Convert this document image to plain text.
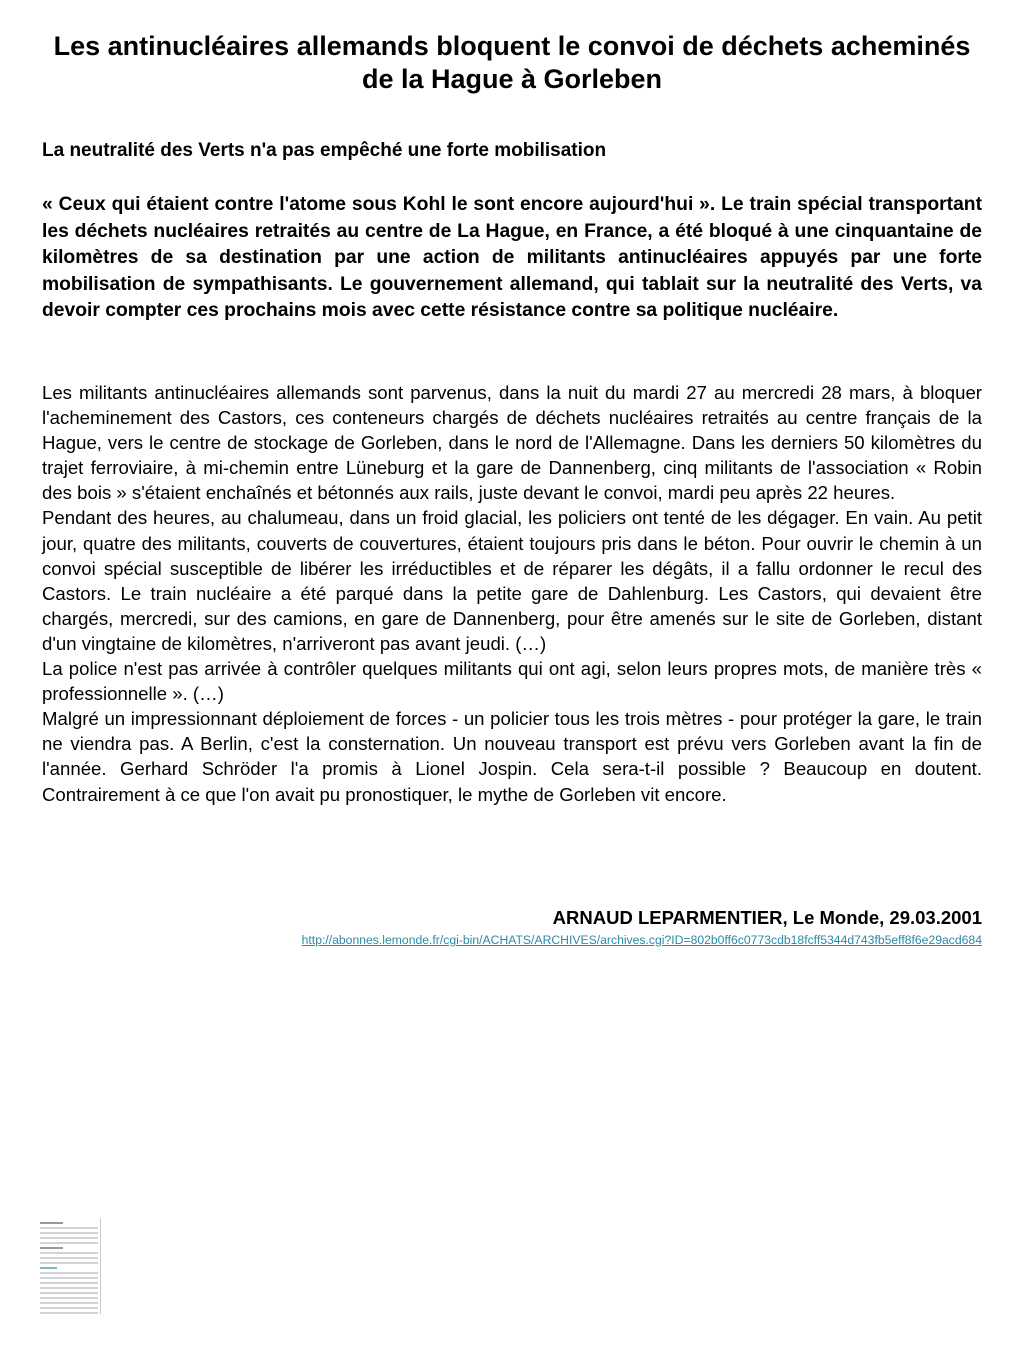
Les antinucléaires allemands bloquent le convoi de déchets acheminés de la Hague à Gorleben
La neutralité des Verts n'a pas empêché une forte mobilisation

« Ceux qui étaient contre l'atome sous Kohl le sont encore aujourd'hui ». Le train spécial transportant les déchets nucléaires retraités au centre de La Hague, en France, a été bloqué à une cinquantaine de kilomètres de sa destination par une action de militants antinucléaires appuyés par une forte mobilisation de sympathisants. Le gouvernement allemand, qui tablait sur la neutralité des Verts, va devoir compter ces prochains mois avec cette résistance contre sa politique nucléaire.

Les militants antinucléaires allemands sont parvenus, dans la nuit du mardi 27 au mercredi 28 mars, à bloquer l'acheminement des Castors, ces conteneurs chargés de déchets nucléaires retraités au centre français de la Hague, vers le centre de stockage de Gorleben, dans le nord de l'Allemagne. Dans les derniers 50 kilomètres du trajet ferroviaire, à mi-chemin entre Lüneburg et la gare de Dannenberg, cinq militants de l'association « Robin des bois » s'étaient enchaînés et bétonnés aux rails, juste devant le convoi, mardi peu après 22 heures.

Pendant des heures, au chalumeau, dans un froid glacial, les policiers ont tenté de les dégager. En vain. Au petit jour, quatre des militants, couverts de couvertures, étaient toujours pris dans le béton. Pour ouvrir le chemin à un convoi spécial susceptible de libérer les irréductibles et de réparer les dégâts, il a fallu ordonner le recul des Castors. Le train nucléaire a été parqué dans la petite gare de Dahlenburg. Les Castors, qui devaient être chargés, mercredi, sur des camions, en gare de Dannenberg, pour être amenés sur le site de Gorleben, distant d'un vingtaine de kilomètres, n'arriveront pas avant jeudi. (…)

La police n'est pas arrivée à contrôler quelques militants qui ont agi, selon leurs propres mots, de manière très « professionnelle ». (…)

Malgré un impressionnant déploiement de forces - un policier tous les trois mètres - pour protéger la gare, le train ne viendra pas. A Berlin, c'est la consternation. Un nouveau transport est prévu vers Gorleben avant la fin de l'année. Gerhard Schröder l'a promis à Lionel Jospin. Cela sera-t-il possible ? Beaucoup en doutent. Contrairement à ce que l'on avait pu pronostiquer, le mythe de Gorleben vit encore.

ARNAUD LEPARMENTIER, Le Monde, 29.03.2001
http://abonnes.lemonde.fr/cgi-bin/ACHATS/ARCHIVES/archives.cgi?ID=802b0ff6c0773cdb18fcff5344d743fb5eff8f6e29acd684
